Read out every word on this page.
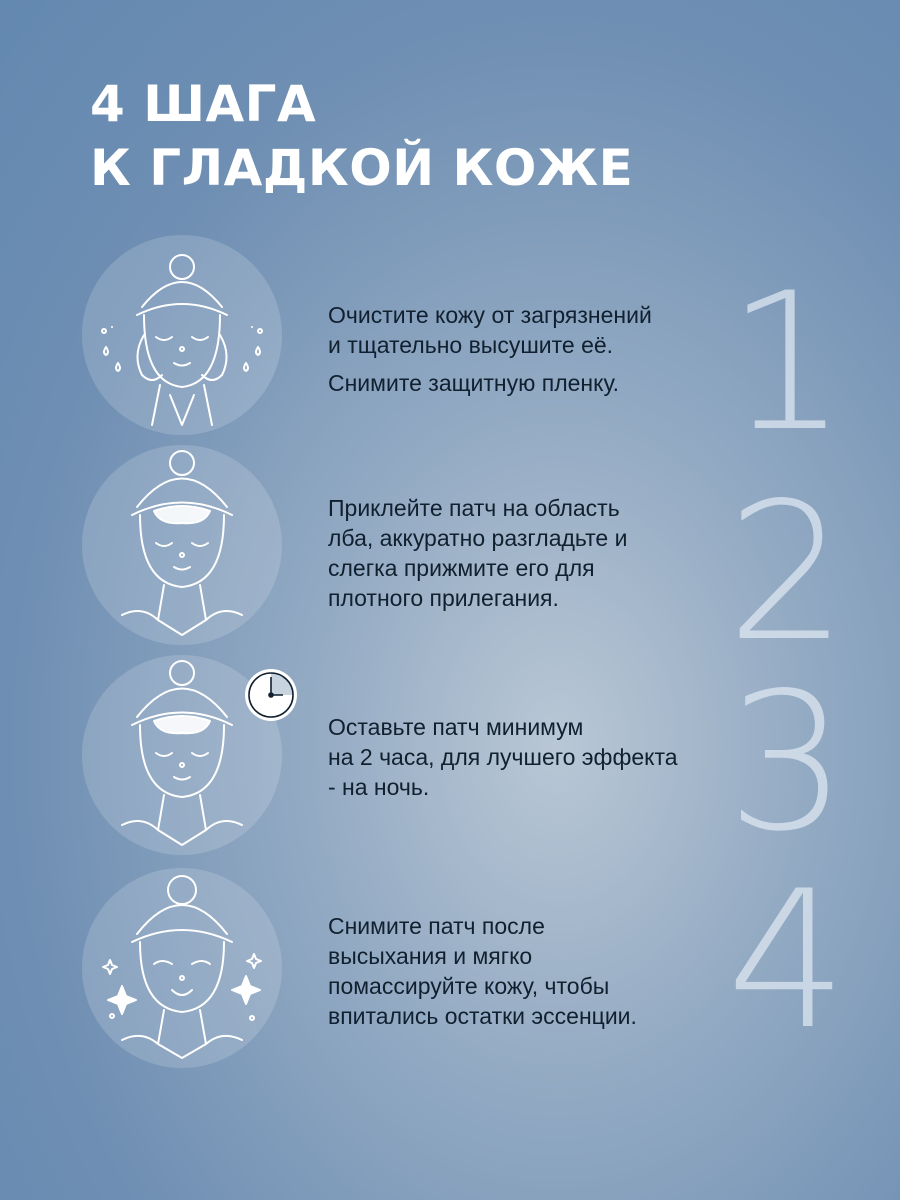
4 ШАГА
К ГЛАДКОЙ КОЖЕ

Очистите кожу от загрязнений
и тщательно высушите её.

Снимите защитную пленку. 1

Приклейте патч на область
лба, аккуратно разгладьте и
слегка прижмите его для
плотного прилегания. 2

Оставьте патч минимум
на 2 часа, для лучшего эффекта
- на ночь.	3

Снимите патч после
высыхания и мягко
помассируйте кожу, чтобы
впитались остатки эссенции. 4
